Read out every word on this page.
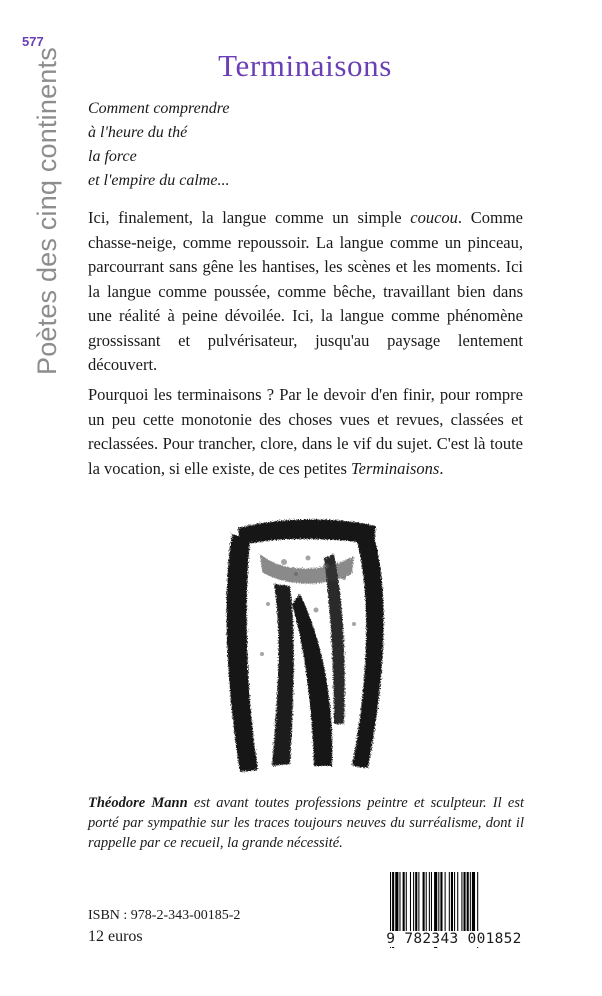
577
Poètes des cinq continents	Terminaisons
Comment comprendre
à l'heure du thé
la force
et l'empire du calme...

Ici, finalement, la langue comme un simple coucou. Comme chasse-neige, comme repoussoir. La langue comme un pinceau, parcourrant sans gêne les hantises, les scènes et les moments. Ici la langue comme poussée, comme bêche, travaillant bien dans une réalité à peine dévoilée. Ici, la langue comme phénomène grossissant et pulvérisateur, jusqu'au paysage lentement découvert.

Pourquoi les terminaisons ? Par le devoir d'en finir, pour rompre un peu cette monotonie des choses vues et revues, classées et reclassées. Pour trancher, clore, dans le vif du sujet. C'est là toute la vocation, si elle existe, de ces petites Terminaisons.

Théodore Mann est avant toutes professions peintre et sculpteur. Il est porté par sympathie sur les traces toujours neuves du surréalisme, dont il rappelle par ce recueil, la grande nécessité.

ISBN : 978-2-343-00185-2
12 euros	9 782343 001852
